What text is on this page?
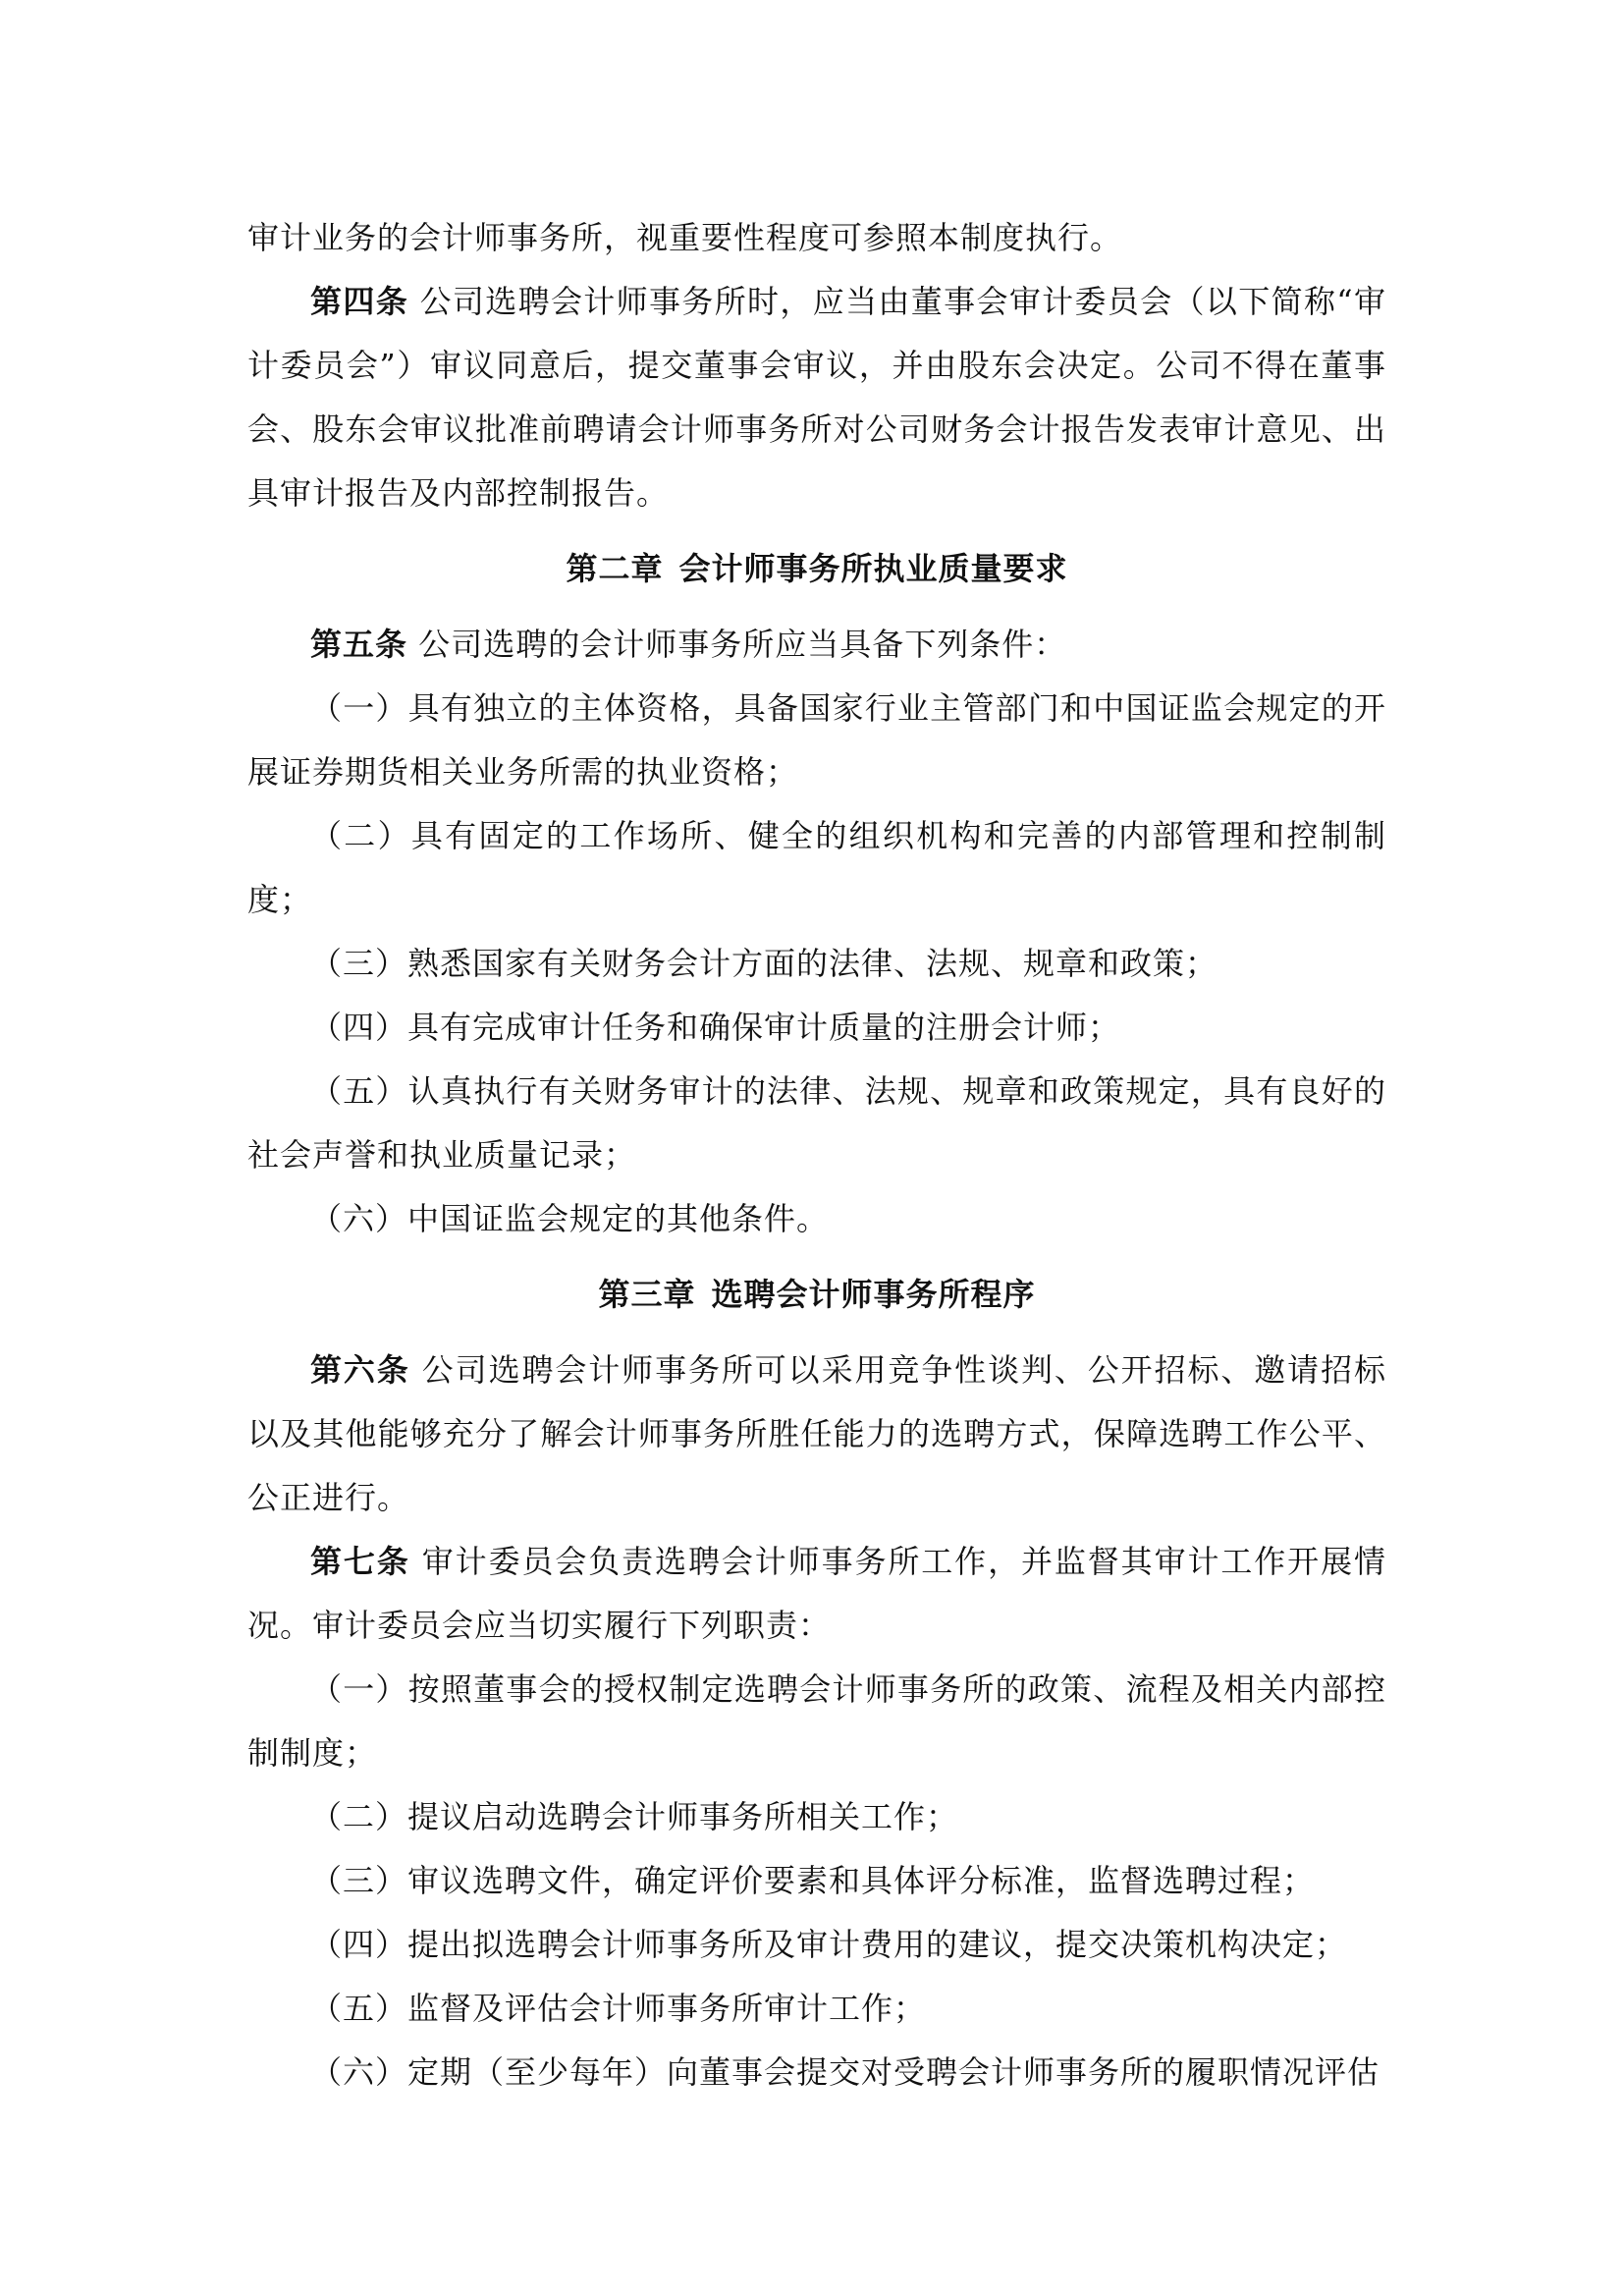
审计业务的会计师事务所，视重要性程度可参照本制度执行。

第四条 公司选聘会计师事务所时，应当由董事会审计委员会（以下简称“审计委员会”）审议同意后，提交董事会审议，并由股东会决定。公司不得在董事会、股东会审议批准前聘请会计师事务所对公司财务会计报告发表审计意见、出具审计报告及内部控制报告。

第二章 会计师事务所执业质量要求

第五条 公司选聘的会计师事务所应当具备下列条件：

（一）具有独立的主体资格，具备国家行业主管部门和中国证监会规定的开展证券期货相关业务所需的执业资格；

（二）具有固定的工作场所、健全的组织机构和完善的内部管理和控制制度；

（三）熟悉国家有关财务会计方面的法律、法规、规章和政策；

（四）具有完成审计任务和确保审计质量的注册会计师；

（五）认真执行有关财务审计的法律、法规、规章和政策规定，具有良好的社会声誉和执业质量记录；

（六）中国证监会规定的其他条件。

第三章 选聘会计师事务所程序

第六条 公司选聘会计师事务所可以采用竞争性谈判、公开招标、邀请招标以及其他能够充分了解会计师事务所胜任能力的选聘方式，保障选聘工作公平、公正进行。

第七条 审计委员会负责选聘会计师事务所工作，并监督其审计工作开展情况。审计委员会应当切实履行下列职责：

（一）按照董事会的授权制定选聘会计师事务所的政策、流程及相关内部控制制度；

（二）提议启动选聘会计师事务所相关工作；

（三）审议选聘文件，确定评价要素和具体评分标准，监督选聘过程；

（四）提出拟选聘会计师事务所及审计费用的建议，提交决策机构决定；

（五）监督及评估会计师事务所审计工作；

（六）定期（至少每年）向董事会提交对受聘会计师事务所的履职情况评估
